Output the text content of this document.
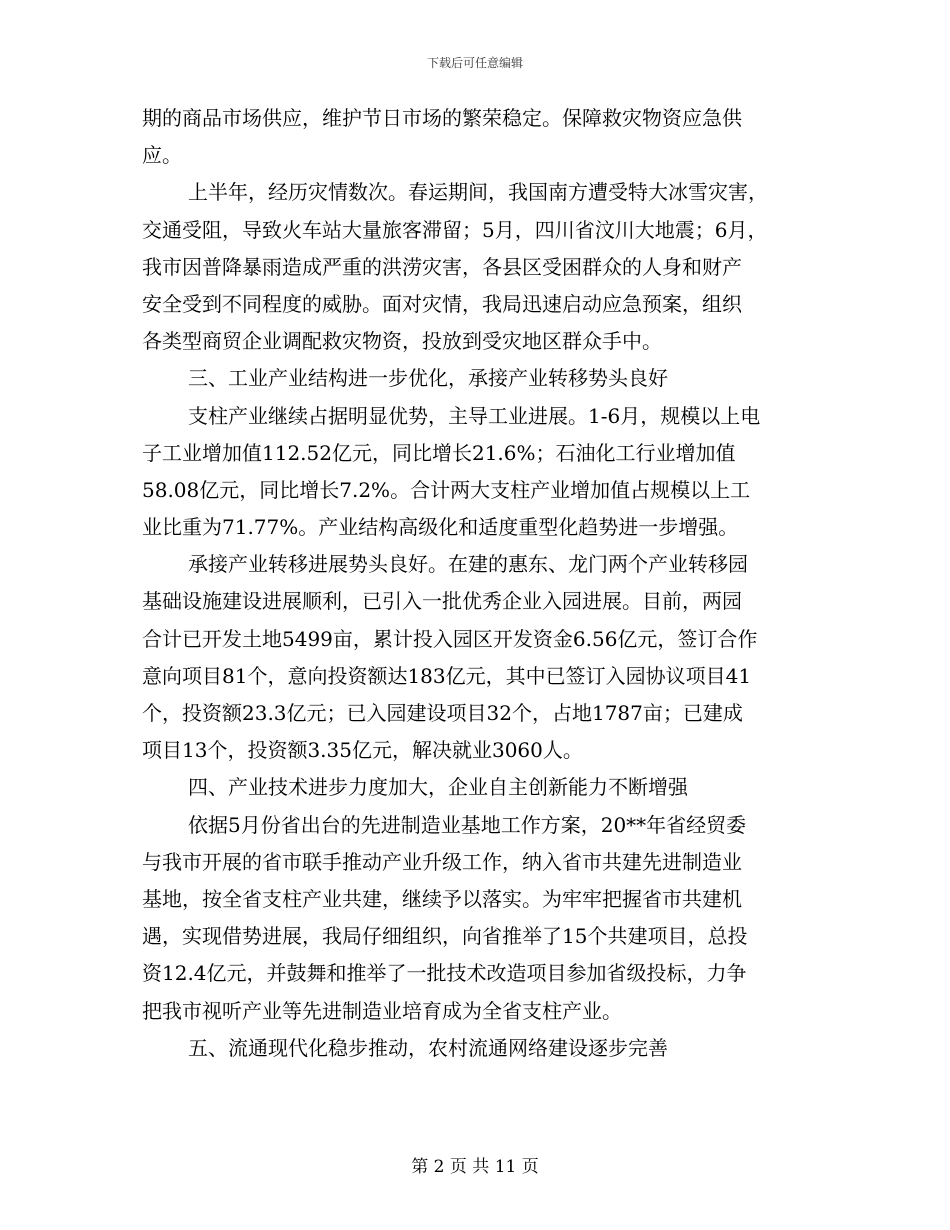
下载后可任意编辑
期的商品市场供应，维护节日市场的繁荣稳定。保障救灾物资应急供
应。
上半年，经历灾情数次。春运期间，我国南方遭受特大冰雪灾害，
交通受阻，导致火车站大量旅客滞留；5月，四川省汶川大地震；6月，
我市因普降暴雨造成严重的洪涝灾害，各县区受困群众的人身和财产
安全受到不同程度的威胁。面对灾情，我局迅速启动应急预案，组织
各类型商贸企业调配救灾物资，投放到受灾地区群众手中。
三、工业产业结构进一步优化，承接产业转移势头良好
支柱产业继续占据明显优势，主导工业进展。1-6月，规模以上电
子工业增加值112.52亿元，同比增长21.6%；石油化工行业增加值
58.08亿元，同比增长7.2%。合计两大支柱产业增加值占规模以上工
业比重为71.77%。产业结构高级化和适度重型化趋势进一步增强。
承接产业转移进展势头良好。在建的惠东、龙门两个产业转移园
基础设施建设进展顺利，已引入一批优秀企业入园进展。目前，两园
合计已开发土地5499亩，累计投入园区开发资金6.56亿元，签订合作
意向项目81个，意向投资额达183亿元，其中已签订入园协议项目41
个，投资额23.3亿元；已入园建设项目32个，占地1787亩；已建成
项目13个，投资额3.35亿元，解决就业3060人。
四、产业技术进步力度加大，企业自主创新能力不断增强
依据5月份省出台的先进制造业基地工作方案，20**年省经贸委
与我市开展的省市联手推动产业升级工作，纳入省市共建先进制造业
基地，按全省支柱产业共建，继续予以落实。为牢牢把握省市共建机
遇，实现借势进展，我局仔细组织，向省推举了15个共建项目，总投
资12.4亿元，并鼓舞和推举了一批技术改造项目参加省级投标，力争
把我市视听产业等先进制造业培育成为全省支柱产业。
五、流通现代化稳步推动，农村流通网络建设逐步完善
第 2 页 共 11 页
